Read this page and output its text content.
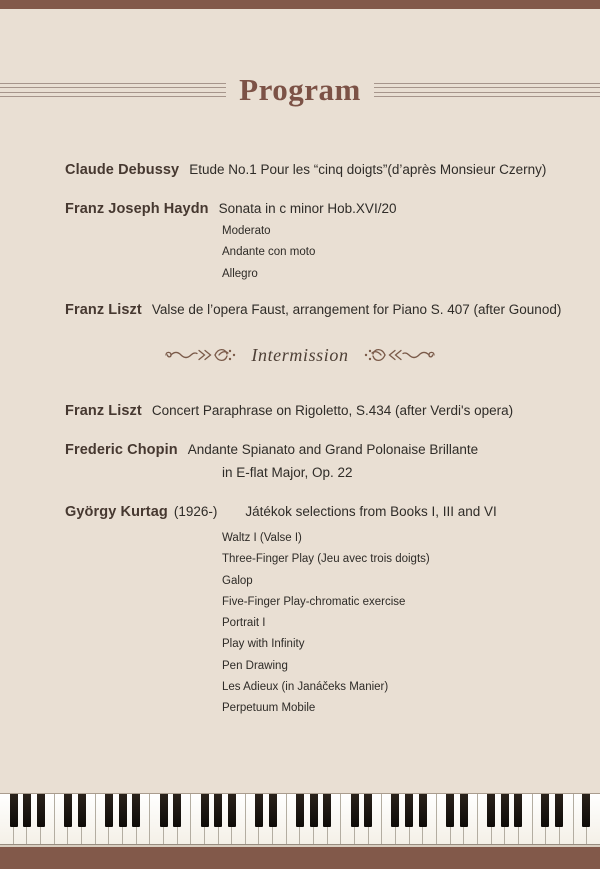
Program
Claude Debussy Etude No.1 Pour les “cinq doigts”(d’après Monsieur Czerny)
Franz Joseph Haydn Sonata in c minor Hob.XVI/20
Moderato
Andante con moto
Allegro
Franz Liszt Valse de l’opera Faust, arrangement for Piano S. 407 (after Gounod)
Intermission
Franz Liszt Concert Paraphrase on Rigoletto, S.434 (after Verdi's opera)
Frederic Chopin Andante Spianato and Grand Polonaise Brillante
in E-flat Major, Op. 22
György Kurtag (1926-) Játékok selections from Books I, III and VI
Waltz I (Valse I)
Three-Finger Play (Jeu avec trois doigts)
Galop
Five-Finger Play-chromatic exercise
Portrait I
Play with Infinity
Pen Drawing
Les Adieux (in Janáčeks Manier)
Perpetuum Mobile
